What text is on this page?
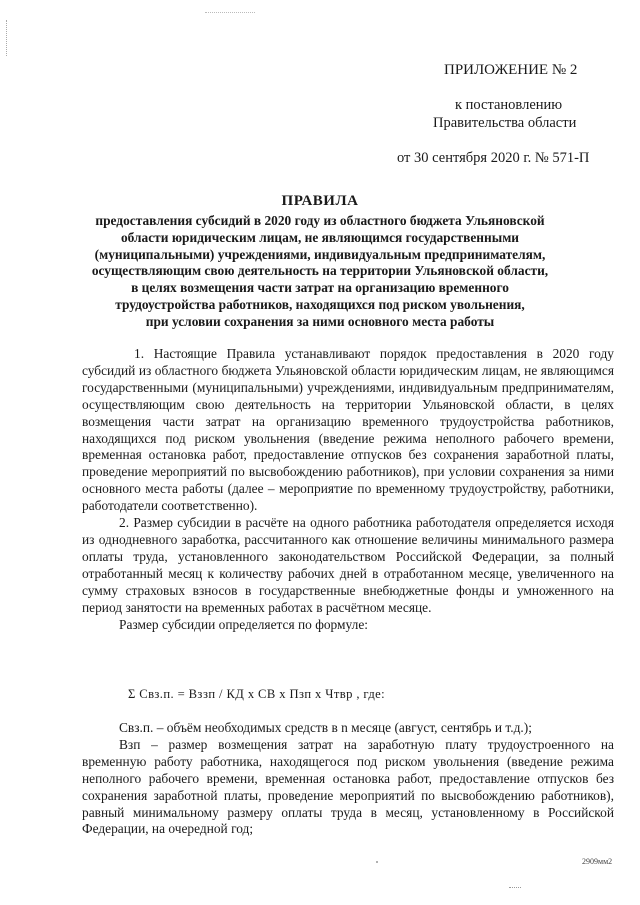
ПРИЛОЖЕНИЕ № 2
к постановлению
Правительства области
от 30 сентября 2020 г. № 571-П
ПРАВИЛА
предоставления субсидий в 2020 году из областного бюджета Ульяновской
области юридическим лицам, не являющимся государственными
(муниципальными) учреждениями, индивидуальным предпринимателям,
осуществляющим свою деятельность на территории Ульяновской области,
в целях возмещения части затрат на организацию временного
трудоустройства работников, находящихся под риском увольнения,
при условии сохранения за ними основного места работы

1. Настоящие Правила устанавливают порядок предоставления в 2020 году субсидий из областного бюджета Ульяновской области юридическим лицам, не являющимся государственными (муниципальными) учреждениями, индивидуальным предпринимателям, осуществляющим свою деятельность на территории Ульяновской области, в целях возмещения части затрат на организацию временного трудоустройства работников, находящихся под риском увольнения (введение режима неполного рабочего времени, временная остановка работ, предоставление отпусков без сохранения заработной платы, проведение мероприятий по высвобождению работников), при условии сохранения за ними основного места работы (далее – мероприятие по временному трудоустройству, работники, работодатели соответственно).

2. Размер субсидии в расчёте на одного работника работодателя определяется исходя из однодневного заработка, рассчитанного как отношение величины минимального размера оплаты труда, установленного законодательством Российской Федерации, за полный отработанный месяц к количеству рабочих дней в отработанном месяце, увеличенного на сумму страховых взносов в государственные внебюджетные фонды и умноженного на период занятости на временных работах в расчётном месяце.

Размер субсидии определяется по формуле:

Σ Свз.п. = Вззп / КД х СВ х Пзп х Чтвр , где:

Свз.п. – объём необходимых средств в n месяце (август, сентябрь и т.д.);

Взп – размер возмещения затрат на заработную плату трудоустроенного на временную работу работника, находящегося под риском увольнения (введение режима неполного рабочего времени, временная остановка работ, предоставление отпусков без сохранения заработной платы, проведение мероприятий по высвобождению работников), равный минимальному размеру оплаты труда в месяц, установленному в Российской Федерации, на очередной год;

2909мм2
